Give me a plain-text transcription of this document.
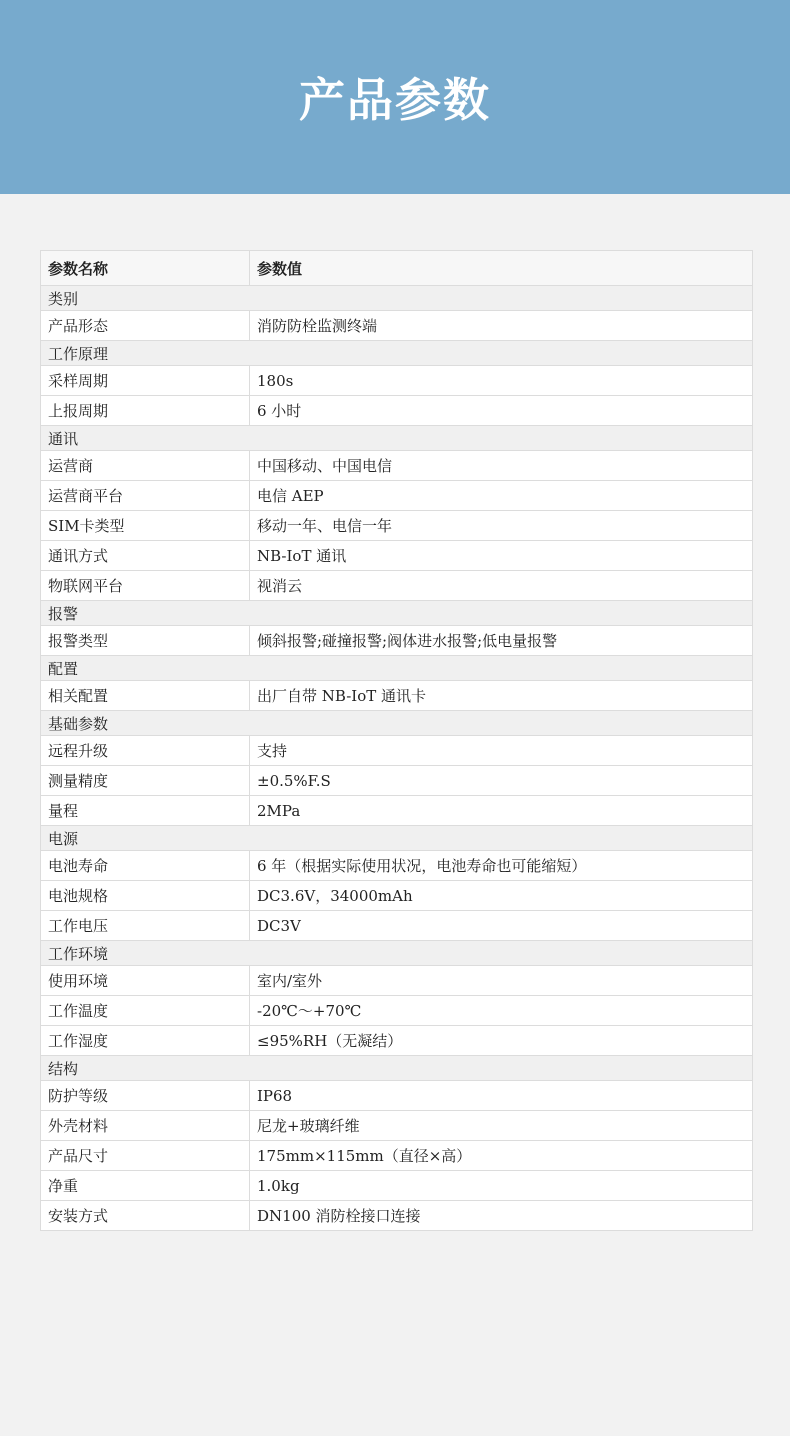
产品参数
参数名称	参数值
类别	
产品形态	消防防栓监测终端
工作原理	
采样周期	180s
上报周期	6 小时
通讯	
运营商	中国移动、中国电信
运营商平台	电信 AEP
SIM卡类型	移动一年、电信一年
通讯方式	NB-IoT 通讯
物联网平台	视消云
报警	
报警类型	倾斜报警;碰撞报警;阀体进水报警;低电量报警
配置	
相关配置	出厂自带 NB-IoT 通讯卡
基础参数	
远程升级	支持
测量精度	±0.5%F.S
量程	2MPa
电源	
电池寿命	6 年（根据实际使用状况，电池寿命也可能缩短）
电池规格	DC3.6V，34000mAh
工作电压	DC3V
工作环境	
使用环境	室内/室外
工作温度	-20℃～+70℃
工作湿度	≤95%RH（无凝结）
结构	
防护等级	IP68
外壳材料	尼龙+玻璃纤维
产品尺寸	175mm×115mm（直径×高）
净重	1.0kg
安装方式	DN100 消防栓接口连接
